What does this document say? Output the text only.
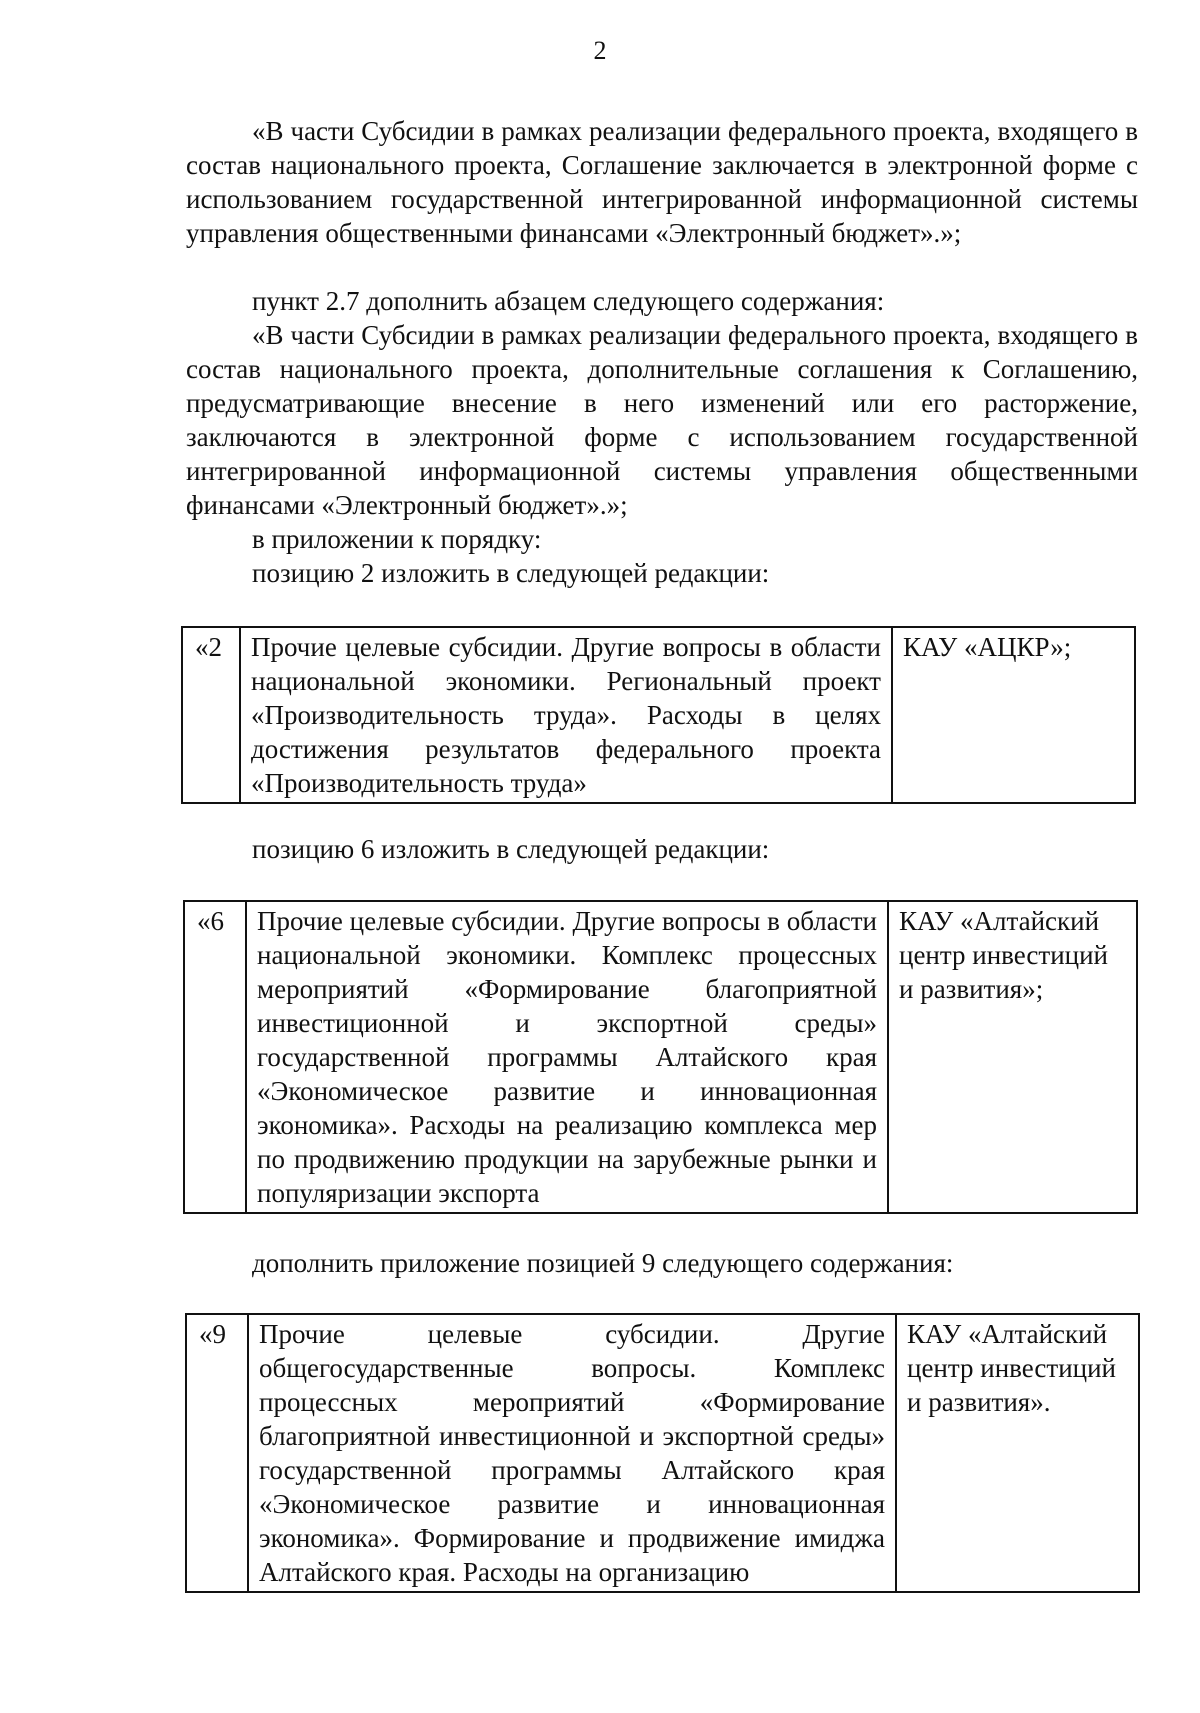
2

«В части Субсидии в рамках реализации федерального проекта, входящего в состав национального проекта, Соглашение заключается в электронной форме с использованием государственной интегрированной информационной системы управления общественными финансами «Электронный бюджет».»;

пункт 2.7 дополнить абзацем следующего содержания:

«В части Субсидии в рамках реализации федерального проекта, входящего в состав национального проекта, дополнительные соглашения к Соглашению, предусматривающие внесение в него изменений или его расторжение, заключаются в электронной форме с использованием государственной интегрированной информационной системы управления общественными финансами «Электронный бюджет».»;

в приложении к порядку:

позицию 2 изложить в следующей редакции:

«2	Прочие целевые субсидии. Другие вопросы в области национальной экономики. Региональный проект «Производительность труда». Расходы в целях достижения результатов федерального проекта «Производительность труда»	КАУ «АЦКР»;

позицию 6 изложить в следующей редакции:

«6	Прочие целевые субсидии. Другие вопросы в области национальной экономики. Комплекс процессных мероприятий «Формирование благоприятной инвестиционной и экспортной среды» государственной программы Алтайского края «Экономическое развитие и инновационная экономика». Расходы на реализацию комплекса мер по продвижению продукции на зарубежные рынки и популяризации экспорта	КАУ «Алтайский центр инвестиций и развития»;

дополнить приложение позицией 9 следующего содержания:

«9	Прочие целевые субсидии. Другие общегосударственные вопросы. Комплекс процессных мероприятий «Формирование благоприятной инвестиционной и экспортной среды» государственной программы Алтайского края «Экономическое развитие и инновационная экономика». Формирование и продвижение имиджа Алтайского края. Расходы на организацию	КАУ «Алтайский центр инвестиций и развития».
